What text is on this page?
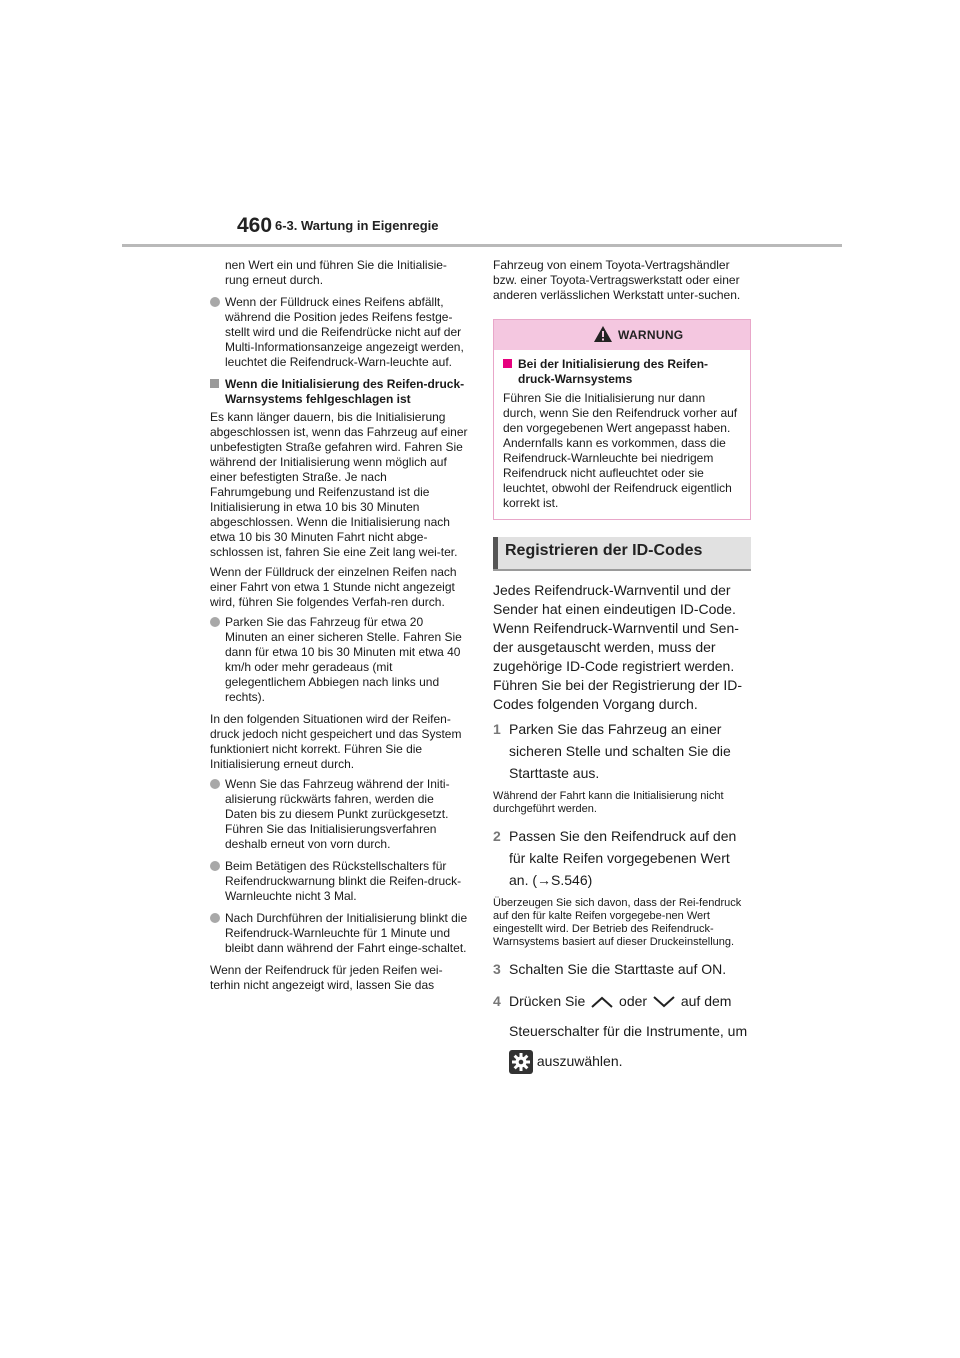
460 6-3. Wartung in Eigenregie

nen Wert ein und führen Sie die Initialisie-rung erneut durch.

Wenn der Fülldruck eines Reifens abfällt, während die Position jedes Reifens festge-stellt wird und die Reifendrücke nicht auf der Multi-Informationsanzeige angezeigt werden, leuchtet die Reifendruck-Warn-leuchte auf.
Wenn die Initialisierung des Reifen-druck-Warnsystems fehlgeschlagen ist

Es kann länger dauern, bis die Initialisierung abgeschlossen ist, wenn das Fahrzeug auf einer unbefestigten Straße gefahren wird. Fahren Sie während der Initialisierung wenn möglich auf einer befestigten Straße. Je nach Fahrumgebung und Reifenzustand ist die Initialisierung in etwa 10 bis 30 Minuten abgeschlossen. Wenn die Initialisierung nach etwa 10 bis 30 Minuten Fahrt nicht abge-schlossen ist, fahren Sie eine Zeit lang wei-ter.

Wenn der Fülldruck der einzelnen Reifen nach einer Fahrt von etwa 1 Stunde nicht angezeigt wird, führen Sie folgendes Verfah-ren durch.

Parken Sie das Fahrzeug für etwa 20 Minuten an einer sicheren Stelle. Fahren Sie dann für etwa 10 bis 30 Minuten mit etwa 40 km/h oder mehr geradeaus (mit gelegentlichem Abbiegen nach links und rechts).

In den folgenden Situationen wird der Reifen-druck jedoch nicht gespeichert und das System funktioniert nicht korrekt. Führen Sie die Initialisierung erneut durch.

Wenn Sie das Fahrzeug während der Initi-alisierung rückwärts fahren, werden die Daten bis zu diesem Punkt zurückgesetzt. Führen Sie das Initialisierungsverfahren deshalb erneut von vorn durch.
Beim Betätigen des Rückstellschalters für Reifendruckwarnung blinkt die Reifen-druck-Warnleuchte nicht 3 Mal.
Nach Durchführen der Initialisierung blinkt die Reifendruck-Warnleuchte für 1 Minute und bleibt dann während der Fahrt einge-schaltet.

Wenn der Reifendruck für jeden Reifen wei-terhin nicht angezeigt wird, lassen Sie das

Fahrzeug von einem Toyota-Vertragshändler bzw. einer Toyota-Vertragswerkstatt oder einer anderen verlässlichen Werkstatt unter-suchen.

WARNUNG
Bei der Initialisierung des Reifen-druck-Warnsystems
Führen Sie die Initialisierung nur dann durch, wenn Sie den Reifendruck vorher auf den vorgegebenen Wert angepasst haben. Andernfalls kann es vorkommen, dass die Reifendruck-Warnleuchte bei niedrigem Reifendruck nicht aufleuchtet oder sie leuchtet, obwohl der Reifendruck eigentlich korrekt ist.
Registrieren der ID-Codes

Jedes Reifendruck-Warnventil und der Sender hat einen eindeutigen ID-Code. Wenn Reifendruck-Warnventil und Sen-der ausgetauscht werden, muss der zugehörige ID-Code registriert werden. Führen Sie bei der Registrierung der ID-Codes folgenden Vorgang durch.

1 Parken Sie das Fahrzeug an einer sicheren Stelle und schalten Sie die Starttaste aus.

Während der Fahrt kann die Initialisierung nicht durchgeführt werden.

2 Passen Sie den Reifendruck auf den für kalte Reifen vorgegebenen Wert an. (→S.546)

Überzeugen Sie sich davon, dass der Rei-fendruck auf den für kalte Reifen vorgegebe-nen Wert eingestellt wird. Der Betrieb des Reifendruck-Warnsystems basiert auf dieser Druckeinstellung.

3 Schalten Sie die Starttaste auf ON.
4 Drücken Sie oder auf dem Steuerschalter für die Instrumente, um  auszuwählen.
